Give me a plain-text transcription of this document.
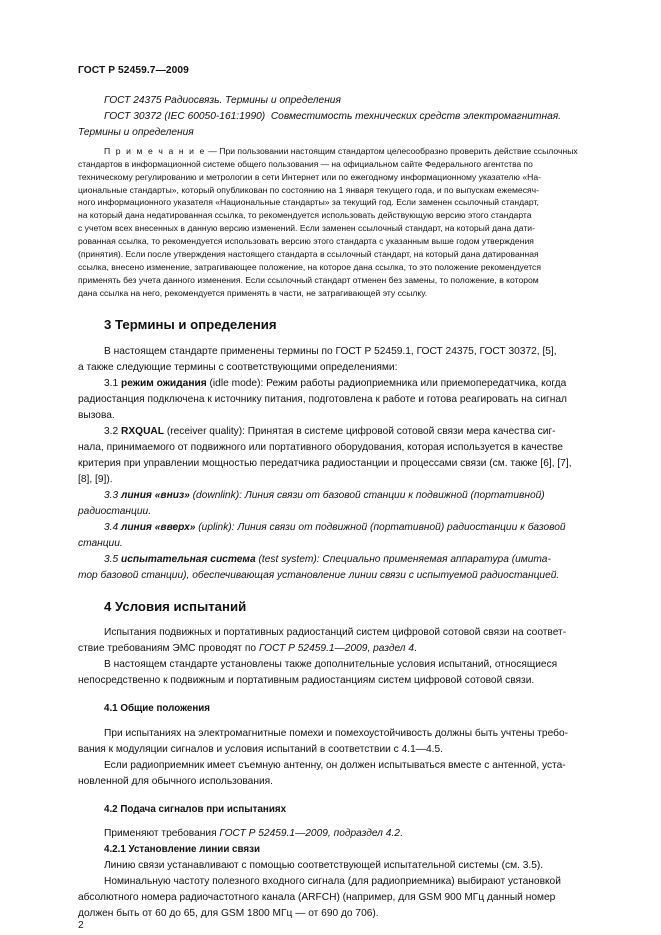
ГОСТ Р 52459.7—2009
ГОСТ 24375 Радиосвязь. Термины и определения
ГОСТ 30372 (IEC 60050-161:1990)  Совместимость технических средств электромагнитная.
Термины и определения
П р и м е ч а н и е — При пользовании настоящим стандартом целесообразно проверить действие ссылочных
стандартов в информационной системе общего пользования — на официальном сайте Федерального агентства по
техническому регулированию и метрологии в сети Интернет или по ежегодному информационному указателю «На-
циональные стандарты», который опубликован по состоянию на 1 января текущего года, и по выпускам ежемесяч-
ного информационного указателя «Национальные стандарты» за текущий год. Если заменен ссылочный стандарт,
на который дана недатированная ссылка, то рекомендуется использовать действующую версию этого стандарта
с учетом всех внесенных в данную версию изменений. Если заменен ссылочный стандарт, на который дана дати-
рованная ссылка, то рекомендуется использовать версию этого стандарта с указанным выше годом утверждения
(принятия). Если после утверждения настоящего стандарта в ссылочный стандарт, на который дана датированная
ссылка, внесено изменение, затрагивающее положение, на которое дана ссылка, то это положение рекомендуется
применять без учета данного изменения. Если ссылочный стандарт отменен без замены, то положение, в котором
дана ссылка на него, рекомендуется применять в части, не затрагивающей эту ссылку.
3 Термины и определения
В настоящем стандарте применены термины по ГОСТ Р 52459.1, ГОСТ 24375, ГОСТ 30372, [5],
а также следующие термины с соответствующими определениями:
3.1 режим ожидания (idle mode): Режим работы радиоприемника или приемопередатчика, когда
радиостанция подключена к источнику питания, подготовлена к работе и готова реагировать на сигнал
вызова.
3.2 RXQUAL (receiver quality): Принятая в системе цифровой сотовой связи мера качества сиг-
нала, принимаемого от подвижного или портативного оборудования, которая используется в качестве
критерия при управлении мощностью передатчика радиостанции и процессами связи (см. также [6], [7],
[8], [9]).
3.3 линия «вниз» (downlink): Линия связи от базовой станции к подвижной (портативной)
радиостанции.
3.4 линия «вверх» (uplink): Линия связи от подвижной (портативной) радиостанции к базовой
станции.
3.5 испытательная система (test system): Специально применяемая аппаратура (имита-
тор базовой станции), обеспечивающая установление линии связи с испытуемой радиостанцией.
4 Условия испытаний
Испытания подвижных и портативных радиостанций систем цифровой сотовой связи на соответ-
ствие требованиям ЭМС проводят по ГОСТ Р 52459.1—2009, раздел 4.
В настоящем стандарте установлены также дополнительные условия испытаний, относящиеся
непосредственно к подвижным и портативным радиостанциям систем цифровой сотовой связи.
4.1 Общие положения
При испытаниях на электромагнитные помехи и помехоустойчивость должны быть учтены требо-
вания к модуляции сигналов и условия испытаний в соответствии с 4.1—4.5.
Если радиоприемник имеет съемную антенну, он должен испытываться вместе с антенной, уста-
новленной для обычного использования.
4.2 Подача сигналов при испытаниях
Применяют требования ГОСТ Р 52459.1—2009, подраздел 4.2.
4.2.1 Установление линии связи
Линию связи устанавливают с помощью соответствующей испытательной системы (см. 3.5).
Номинальную частоту полезного входного сигнала (для радиоприемника) выбирают установкой
абсолютного номера радиочастотного канала (ARFCH) (например, для GSM 900 МГц данный номер
должен быть от 60 до 65, для GSM 1800 МГц — от 690 до 706).
2
